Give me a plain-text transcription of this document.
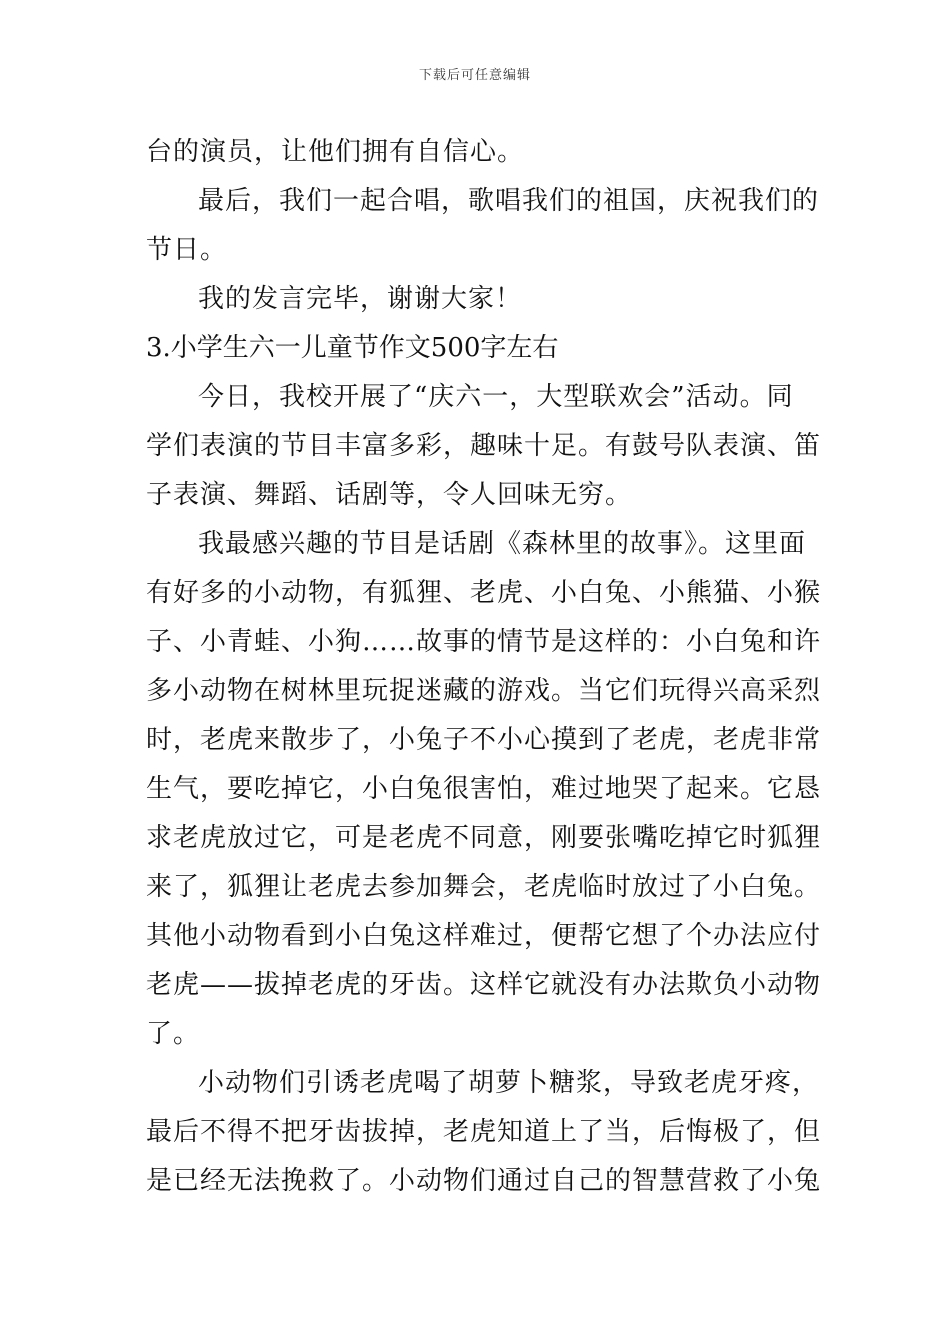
下载后可任意编辑

台的演员，让他们拥有自信心。

最后，我们一起合唱，歌唱我们的祖国，庆祝我们的

节日。

我的发言完毕，谢谢大家！

3.小学生六一儿童节作文500字左右

今日，我校开展了“庆六一，大型联欢会”活动。同

学们表演的节目丰富多彩，趣味十足。有鼓号队表演、笛

子表演、舞蹈、话剧等，令人回味无穷。

我最感兴趣的节目是话剧《森林里的故事》。这里面

有好多的小动物，有狐狸、老虎、小白兔、小熊猫、小猴

子、小青蛙、小狗……故事的情节是这样的：小白兔和许

多小动物在树林里玩捉迷藏的游戏。当它们玩得兴高采烈

时，老虎来散步了，小兔子不小心摸到了老虎，老虎非常

生气，要吃掉它，小白兔很害怕，难过地哭了起来。它恳

求老虎放过它，可是老虎不同意，刚要张嘴吃掉它时狐狸

来了，狐狸让老虎去参加舞会，老虎临时放过了小白兔。

其他小动物看到小白兔这样难过，便帮它想了个办法应付

老虎——拔掉老虎的牙齿。这样它就没有办法欺负小动物

了。

小动物们引诱老虎喝了胡萝卜糖浆，导致老虎牙疼，

最后不得不把牙齿拔掉，老虎知道上了当，后悔极了，但

是已经无法挽救了。小动物们通过自己的智慧营救了小兔
